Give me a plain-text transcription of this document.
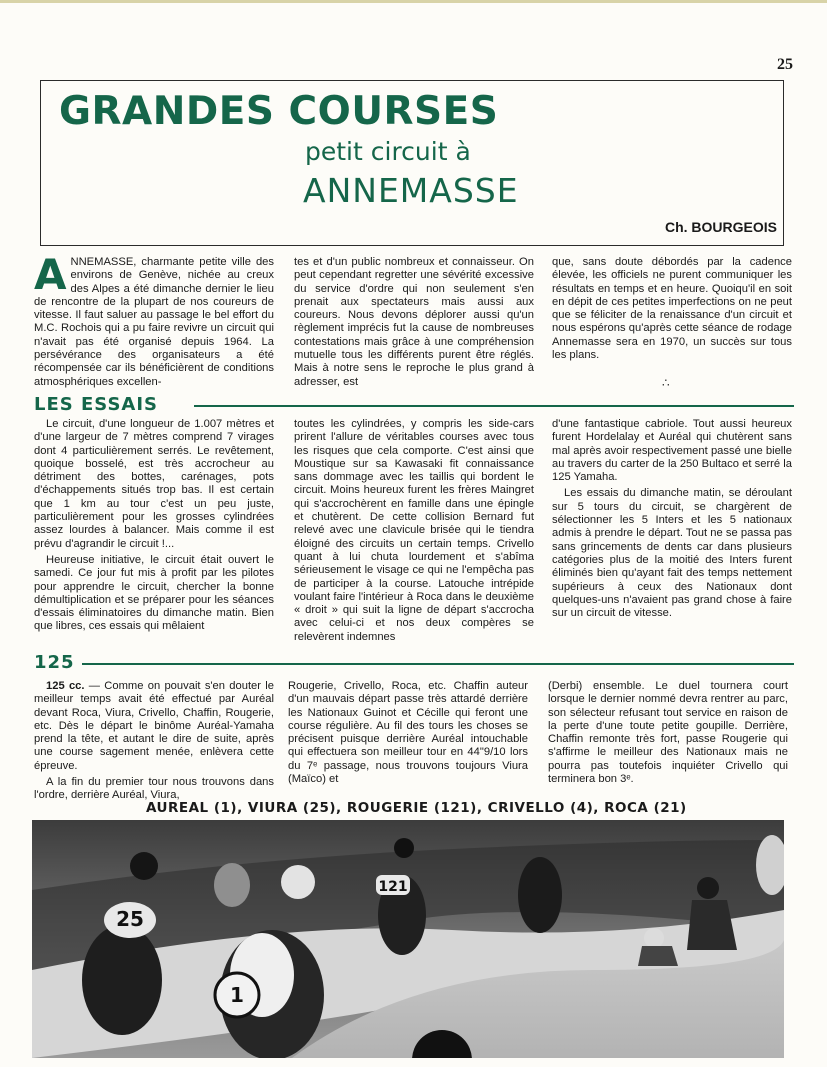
25
GRANDES COURSES
petit circuit à
ANNEMASSE
Ch. BOURGEOIS

ANNEMASSE, charmante petite ville des environs de Genève, nichée au creux des Alpes a été dimanche dernier le lieu de rencontre de la plupart de nos coureurs de vitesse. Il faut saluer au passage le bel effort du M.C. Rochois qui a pu faire revivre un circuit qui n'avait pas été organisé depuis 1964. La persévérance des organisateurs a été récompensée car ils bénéficièrent de conditions atmosphériques excellen-

tes et d'un public nombreux et connaisseur. On peut cependant regretter une sévérité excessive du service d'ordre qui non seulement s'en prenait aux spectateurs mais aussi aux coureurs. Nous devons déplorer aussi qu'un règlement imprécis fut la cause de nombreuses contestations mais grâce à une compréhension mutuelle tous les différents purent être réglés. Mais à notre sens le reproche le plus grand à adresser, est

que, sans doute débordés par la cadence élevée, les officiels ne purent communiquer les résultats en temps et en heure. Quoiqu'il en soit en dépit de ces petites imperfections on ne peut que se féliciter de la renaissance d'un circuit et nous espérons qu'après cette séance de rodage Annemasse sera en 1970, un succès sur tous les plans.

∴
LES ESSAIS

Le circuit, d'une longueur de 1.007 mètres et d'une largeur de 7 mètres comprend 7 virages dont 4 particulièrement serrés. Le revêtement, quoique bosselé, est très accrocheur au détriment des bottes, carénages, pots d'échappements situés trop bas. Il est certain que 1 km au tour c'est un peu juste, particulièrement pour les grosses cylindrées assez lourdes à balancer. Mais comme il est prévu d'agrandir le circuit !...

Heureuse initiative, le circuit était ouvert le samedi. Ce jour fut mis à profit par les pilotes pour apprendre le circuit, chercher la bonne démultiplication et se préparer pour les séances d'essais éliminatoires du dimanche matin. Bien que libres, ces essais qui mêlaient

toutes les cylindrées, y compris les side-cars prirent l'allure de véritables courses avec tous les risques que cela comporte. C'est ainsi que Moustique sur sa Kawasaki fit connaissance sans dommage avec les taillis qui bordent le circuit. Moins heureux furent les frères Maingret qui s'accrochèrent en famille dans une épingle et chutèrent. De cette collision Bernard fut relevé avec une clavicule brisée qui le tiendra éloigné des circuits un certain temps. Crivello quant à lui chuta lourdement et s'abîma sérieusement le visage ce qui ne l'empêcha pas de participer à la course. Latouche intrépide voulant faire l'intérieur à Roca dans le deuxième « droit » qui suit la ligne de départ s'accrocha avec celui-ci et nos deux compères se relevèrent indemnes

d'une fantastique cabriole. Tout aussi heureux furent Hordelalay et Auréal qui chutèrent sans mal après avoir respectivement passé une bielle au travers du carter de la 250 Bultaco et serré la 125 Yamaha.

Les essais du dimanche matin, se déroulant sur 5 tours du circuit, se chargèrent de sélectionner les 5 Inters et les 5 nationaux admis à prendre le départ. Tout ne se passa pas sans grincements de dents car dans plusieurs catégories plus de la moitié des Inters furent éliminés bien qu'ayant fait des temps nettement supérieurs à ceux des Nationaux dont quelques-uns n'avaient pas grand chose à faire sur un circuit de vitesse.

125

125 cc. — Comme on pouvait s'en douter le meilleur temps avait été effectué par Auréal devant Roca, Viura, Crivello, Chaffin, Rougerie, etc. Dès le départ le binôme Auréal-Yamaha prend la tête, et autant le dire de suite, après une course sagement menée, enlèvera cette épreuve.

A la fin du premier tour nous trouvons dans l'ordre, derrière Auréal, Viura,

Rougerie, Crivello, Roca, etc. Chaffin auteur d'un mauvais départ passe très attardé derrière les Nationaux Guinot et Cécille qui feront une course régulière. Au fil des tours les choses se précisent puisque derrière Auréal intouchable qui effectuera son meilleur tour en 44"9/10 lors du 7ᵉ passage, nous trouvons toujours Viura (Maïco) et

(Derbi) ensemble. Le duel tournera court lorsque le dernier nommé devra rentrer au parc, son sélecteur refusant tout service en raison de la perte d'une toute petite goupille. Derrière, Chaffin remonte très fort, passe Rougerie qui s'affirme le meilleur des Nationaux mais ne pourra pas toutefois inquiéter Crivello qui terminera bon 3ᵉ.

AUREAL (1), VIURA (25), ROUGERIE (121), CRIVELLO (4), ROCA (21)
25
1
121
